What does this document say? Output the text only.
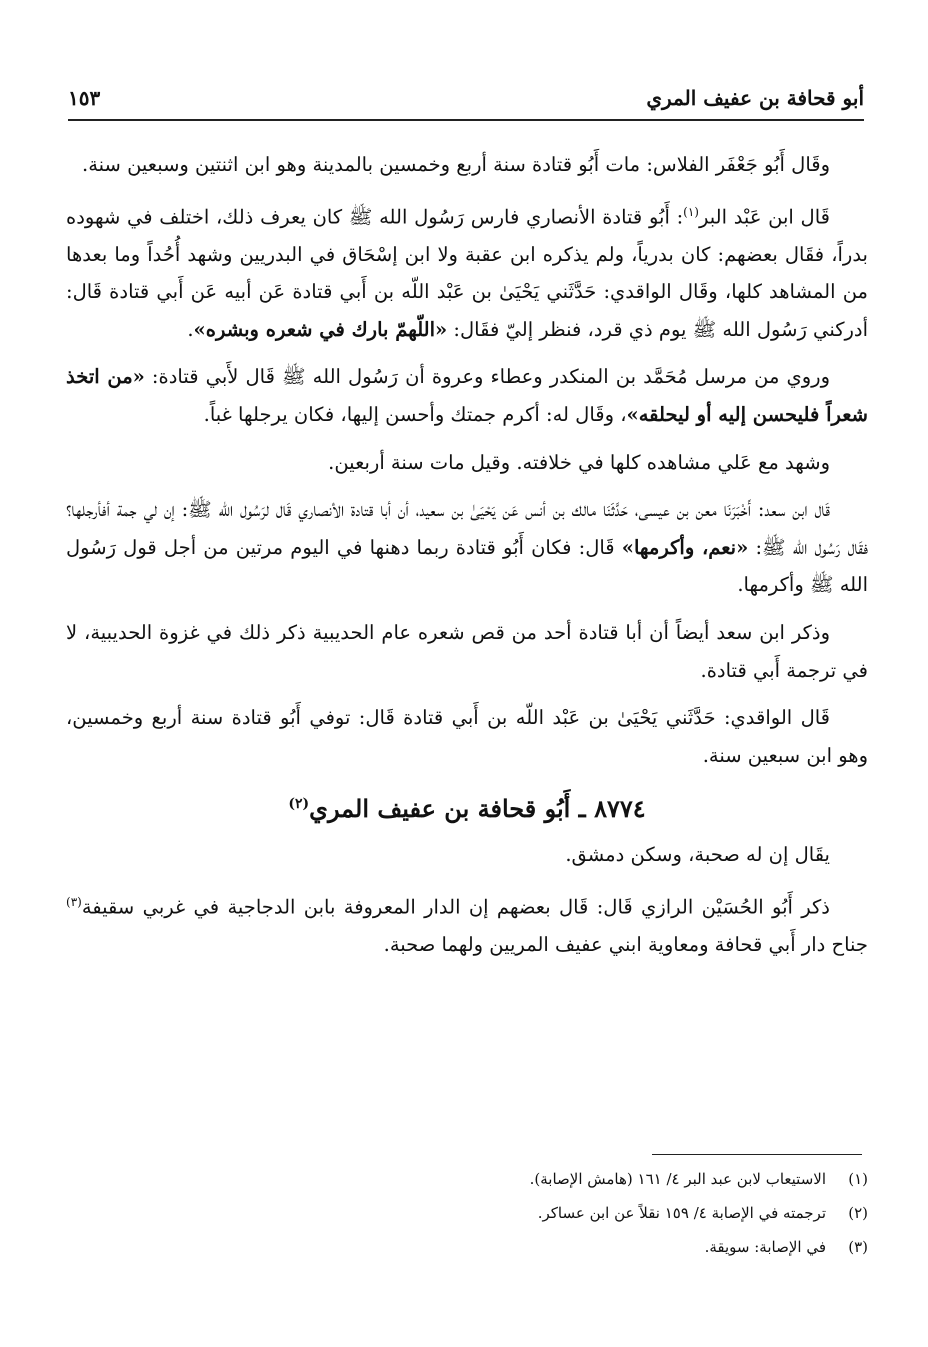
١٥٣	أبو قحافة بن عفيف المري

وقَال أَبُو جَعْفَر الفلاس: مات أَبُو قتادة سنة أربع وخمسين بالمدينة وهو ابن اثنتين وسبعين سنة.

قَال ابن عَبْد البر$^{(١)}$: أَبُو قتادة الأنصاري فارس رَسُول الله ﷺ كان يعرف ذلك، اختلف في شهوده بدراً، فقَال بعضهم: كان بدرياً، ولم يذكره ابن عقبة ولا ابن إسْحَاق في البدريين وشهد أُحُداً وما بعدها من المشاهد كلها، وقَال الواقدي: حَدَّثَني يَحْيَىٰ بن عَبْد اللّه بن أَبي قتادة عَن أبيه عَن أَبي قتادة قَال: أدركني رَسُول الله ﷺ يوم ذي قرد، فنظر إليّ فقَال: «اللّهمّ بارك في شعره وبشره».

وروي من مرسل مُحَمَّد بن المنكدر وعطاء وعروة أن رَسُول الله ﷺ قَال لأَبي قتادة: «من اتخذ شعراً فليحسن إليه أو ليحلقه»، وقَال له: أكرم جمتك وأحسن إليها، فكان يرجلها غباً.

وشهد مع عَلي مشاهده كلها في خلافته. وقيل مات سنة أربعين.

قَال ابن سعد: أَخْبَرَنَا معن بن عيسى، حَدَّثَنَا مالك بن أنس عَن يَحْيَىٰ بن سعيد، أن أبا قتادة الأنصاري قَال لرَسُول الله ﷺ: إن لي جمة أفأرجلها؟ فقَال رَسُول الله ﷺ: «نعم، وأكرمها» قَال: فكان أَبُو قتادة ربما دهنها في اليوم مرتين من أجل قول رَسُول الله ﷺ وأكرمها.

وذكر ابن سعد أيضاً أن أبا قتادة أحد من قص شعره عام الحديبية ذكر ذلك في غزوة الحديبية، لا في ترجمة أَبي قتادة.

قَال الواقدي: حَدَّثَني يَحْيَىٰ بن عَبْد اللّه بن أَبي قتادة قَال: توفي أَبُو قتادة سنة أربع وخمسين، وهو ابن سبعين سنة.

٨٧٧٤ ـ أَبُو قحافة بن عفيف المري$^{(٢)}$

يقَال إن له صحبة، وسكن دمشق.

ذكر أَبُو الحُسَيْن الرازي قَال: قَال بعضهم إن الدار المعروفة بابن الدجاجية في غربي سقيفة$^{(٣)}$ جناح دار أَبي قحافة ومعاوية ابني عفيف المريين ولهما صحبة.

(١)
الاستيعاب لابن عبد البر ٤/ ١٦١ (هامش الإصابة).
(٢)
ترجمته في الإصابة ٤/ ١٥٩ نقلاً عن ابن عساكر.
(٣)
في الإصابة: سويقة.
